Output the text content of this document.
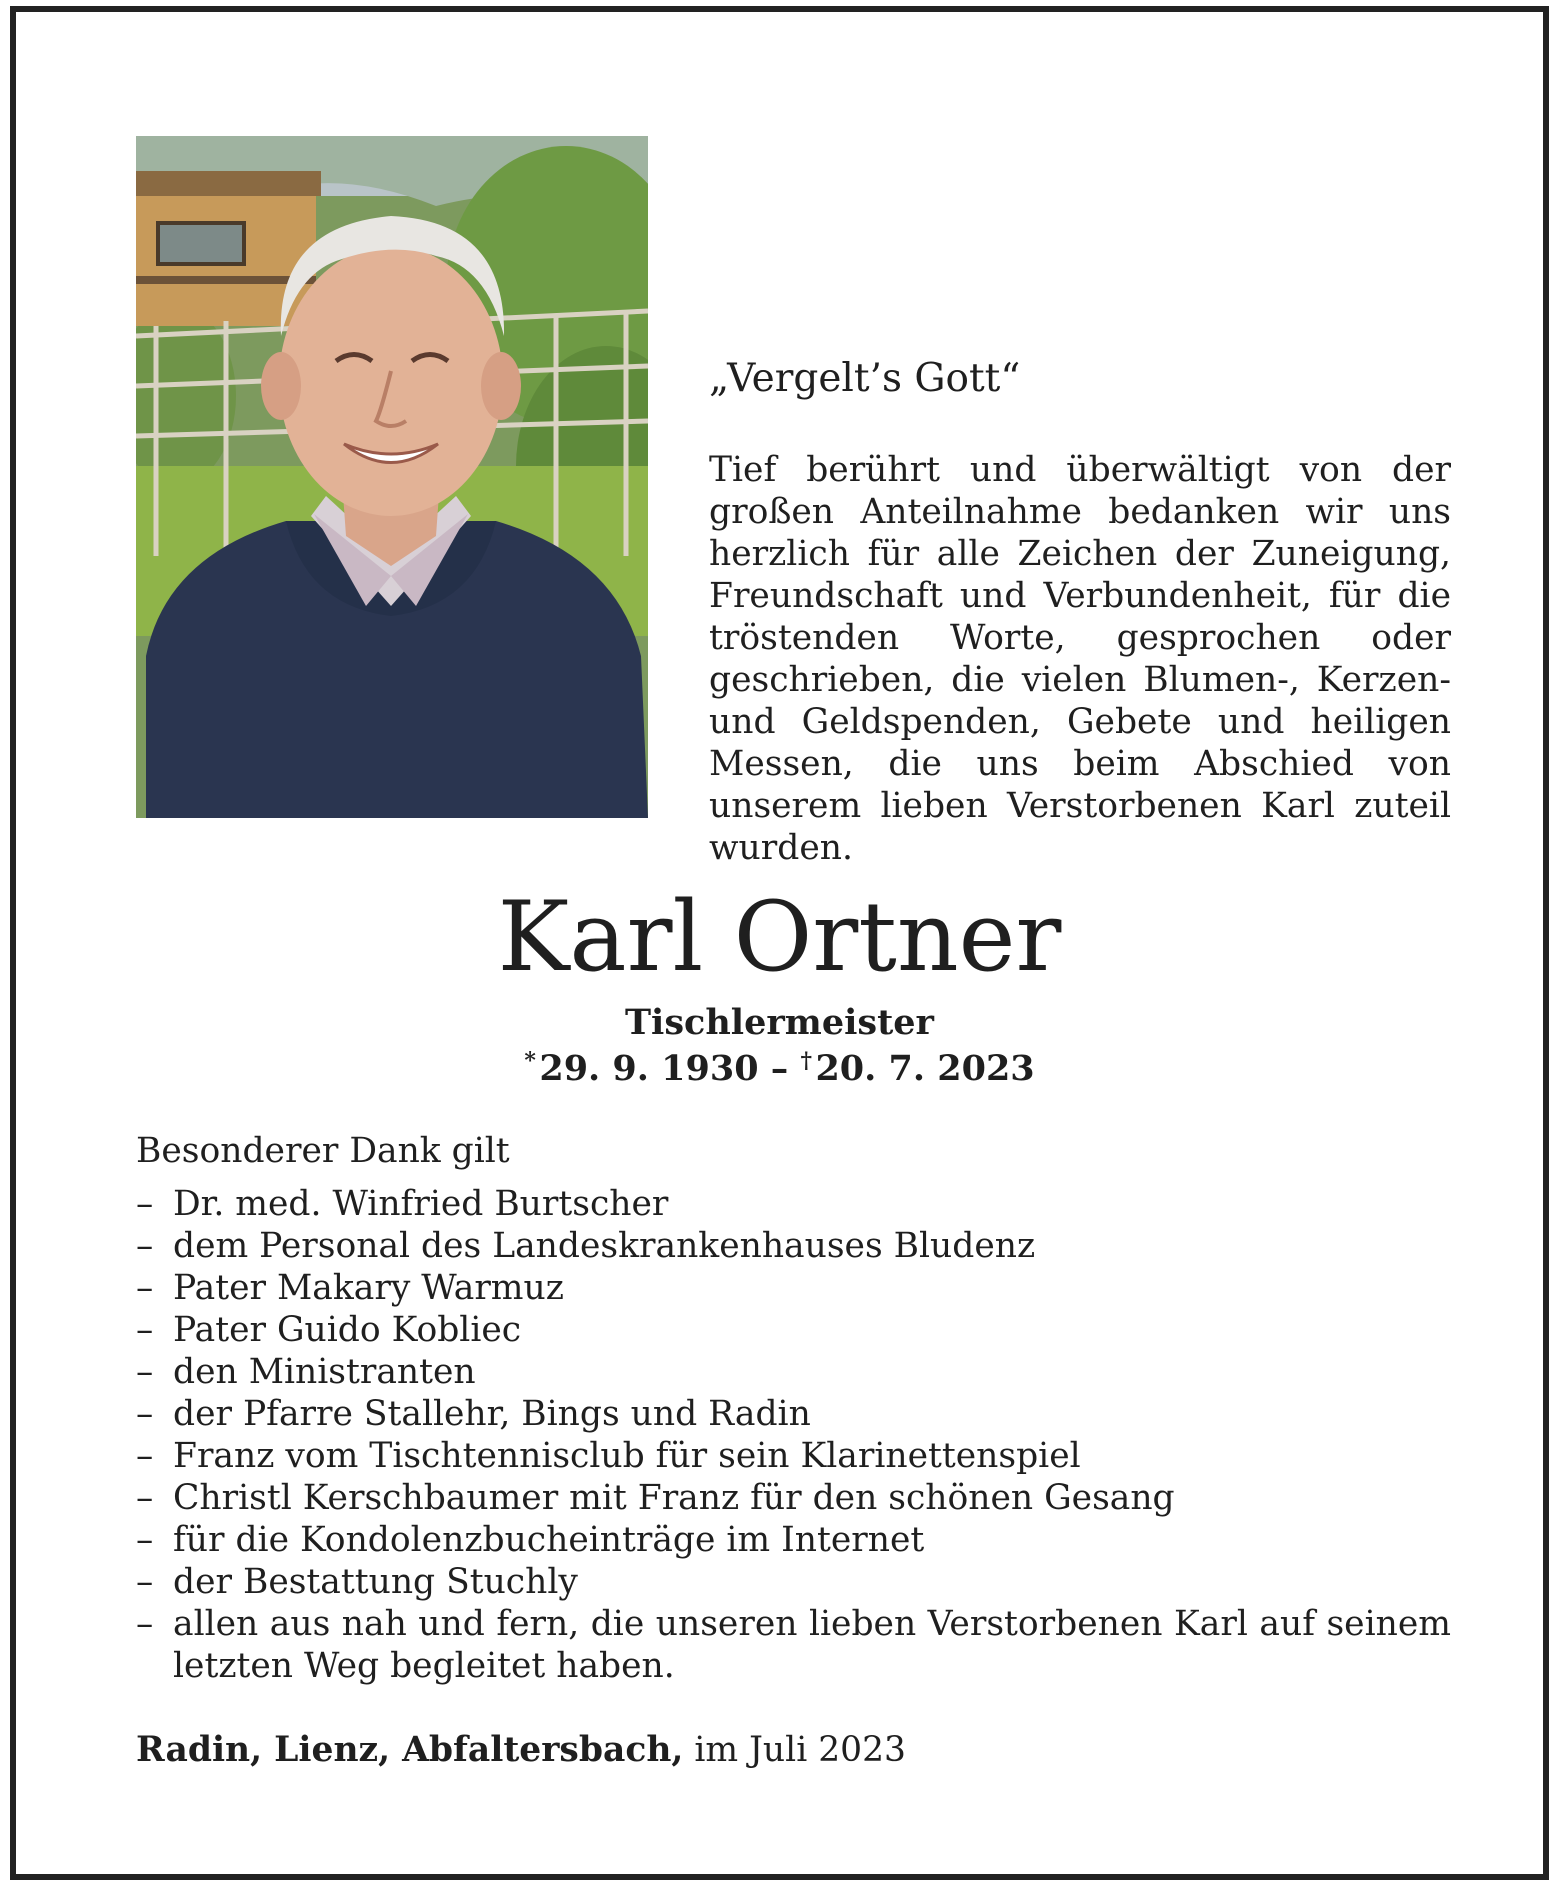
„Vergelt’s Gott“
Tief berührt und überwältigt von der großen Anteilnahme bedanken wir uns herzlich für alle Zeichen der Zuneigung, Freundschaft und Verbundenheit, für die tröstenden Worte, gesprochen oder geschrieben, die vielen Blumen-, Kerzen- und Geldspenden, Gebete und heiligen Messen, die uns beim Abschied von unserem lieben Verstorbenen Karl zuteil wurden.
Karl Ortner
Tischlermeister
*  29. 9. 1930 – †  20. 7. 2023
Besonderer Dank gilt
– Dr. med. Winfried Burtscher
– dem Personal des Landeskrankenhauses Bludenz
– Pater Makary Warmuz
– Pater Guido Kobliec
– den Ministranten
– der Pfarre Stallehr, Bings und Radin
– Franz vom Tischtennisclub für sein Klarinettenspiel
– Christl Kerschbaumer mit Franz für den schönen Gesang
– für die Kondolenzbucheinträge im Internet
– der Bestattung Stuchly
– allen aus nah und fern, die unseren lieben Verstorbenen Karl auf seinem letzten Weg begleitet haben.
Radin, Lienz, Abfaltersbach, im Juli 2023
